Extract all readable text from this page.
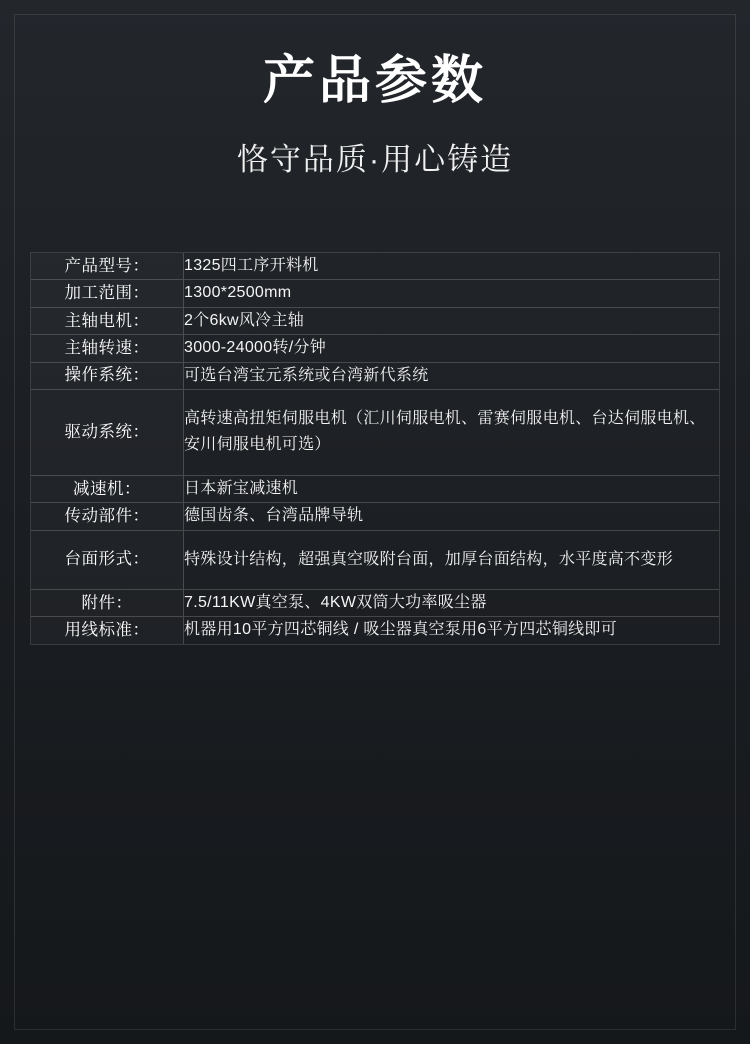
产品参数
恪守品质·用心铸造
产品型号：	1325四工序开料机
加工范围：	1300*2500mm
主轴电机：	2个6kw风冷主轴
主轴转速：	3000-24000转/分钟
操作系统：	可选台湾宝元系统或台湾新代系统
驱动系统：	高转速高扭矩伺服电机（汇川伺服电机、雷赛伺服电机、台达伺服电机、安川伺服电机可选）
减速机：	日本新宝减速机
传动部件：	德国齿条、台湾品牌导轨
台面形式：	特殊设计结构，超强真空吸附台面，加厚台面结构，水平度高不变形
附件：	7.5/11KW真空泵、4KW双筒大功率吸尘器
用线标准：	机器用10平方四芯铜线 / 吸尘器真空泵用6平方四芯铜线即可
